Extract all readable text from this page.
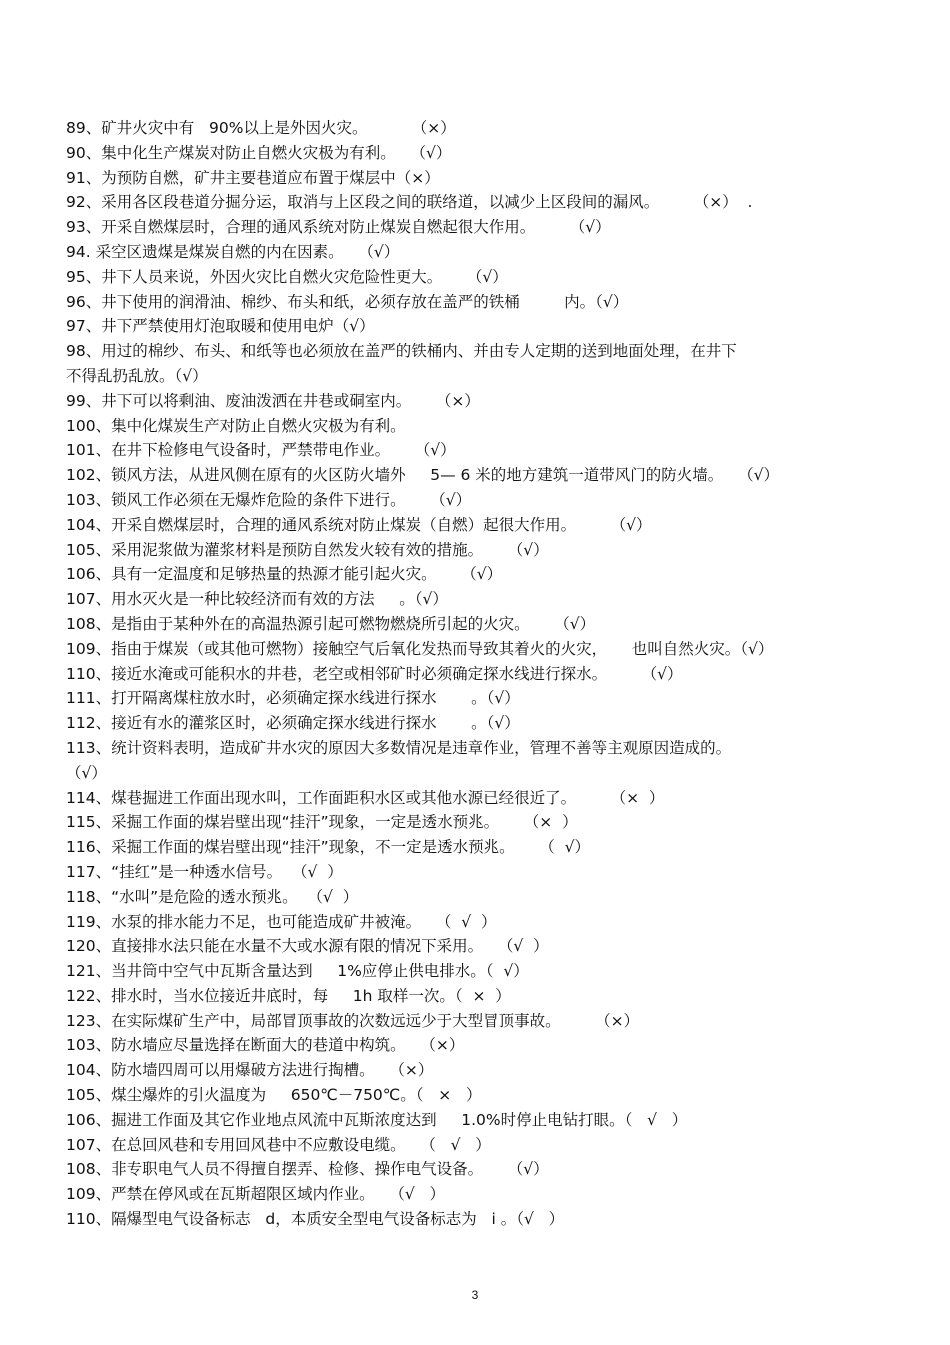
89、矿井火灾中有   90%以上是外因火灾。         （×）
90、集中化生产煤炭对防止自燃火灾极为有利。   （√）
91、为预防自燃，矿井主要巷道应布置于煤层中（×）
92、采用各区段巷道分掘分运，取消与上区段之间的联络道，以减少上区段间的漏风。       （×）  .
93、开采自燃煤层时，合理的通风系统对防止煤炭自燃起很大作用。       （√）
94. 采空区遗煤是煤炭自燃的内在因素。   （√）
95、井下人员来说，外因火灾比自燃火灾危险性更大。     （√）
96、井下使用的润滑油、棉纱、布头和纸，必须存放在盖严的铁桶         内。（√）
97、井下严禁使用灯泡取暖和使用电炉（√）
98、用过的棉纱、布头、和纸等也必须放在盖严的铁桶内、并由专人定期的送到地面处理，在井下
不得乱扔乱放。（√）
99、井下可以将剩油、废油泼洒在井巷或硐室内。     （×）
100、集中化煤炭生产对防止自燃火灾极为有利。
101、在井下检修电气设备时，严禁带电作业。     （√）
102、锁风方法，从进风侧在原有的火区防火墙外     5— 6 米的地方建筑一道带风门的防火墙。   （√）
103、锁风工作必须在无爆炸危险的条件下进行。     （√）
104、开采自燃煤层时，合理的通风系统对防止煤炭（自燃）起很大作用。       （√）
105、采用泥浆做为灌浆材料是预防自然发火较有效的措施。     （√）
106、具有一定温度和足够热量的热源才能引起火灾。     （√）
107、用水灭火是一种比较经济而有效的方法     。（√）
108、是指由于某种外在的高温热源引起可燃物燃烧所引起的火灾。     （√）
109、指由于煤炭（或其他可燃物）接触空气后氧化发热而导致其着火的火灾，     也叫自然火灾。（√）
110、接近水淹或可能积水的井巷，老空或相邻矿时必须确定探水线进行探水。       （√）
111、打开隔离煤柱放水时，必须确定探水线进行探水       。（√）
112、接近有水的灌浆区时，必须确定探水线进行探水       。（√）
113、统计资料表明，造成矿井水灾的原因大多数情况是违章作业，管理不善等主观原因造成的。
（√）
114、煤巷掘进工作面出现水叫，工作面距积水区或其他水源已经很近了。       （×  ）
115、采掘工作面的煤岩壁出现“挂汗”现象，一定是透水预兆。     （×  ）
116、采掘工作面的煤岩壁出现“挂汗”现象，不一定是透水预兆。     （  √）
117、“挂红”是一种透水信号。  （√  ）
118、“水叫”是危险的透水预兆。  （√  ）
119、水泵的排水能力不足，也可能造成矿井被淹。   （  √  ）
120、直接排水法只能在水量不大或水源有限的情况下采用。   （√  ）
121、当井筒中空气中瓦斯含量达到     1%应停止供电排水。（  √）
122、排水时，当水位接近井底时，每     1h 取样一次。（  ×  ）
123、在实际煤矿生产中，局部冒顶事故的次数远远少于大型冒顶事故。       （×）
103、防水墙应尽量选择在断面大的巷道中构筑。   （×）
104、防水墙四周可以用爆破方法进行掏槽。   （×）
105、煤尘爆炸的引火温度为     650℃－750℃。（   ×   ）
106、掘进工作面及其它作业地点风流中瓦斯浓度达到     1.0%时停止电钻打眼。（   √   ）
107、在总回风巷和专用回风巷中不应敷设电缆。   （   √   ）
108、非专职电气人员不得擅自摆弄、检修、操作电气设备。     （√）
109、严禁在停风或在瓦斯超限区域内作业。   （√   ）
110、隔爆型电气设备标志   d，本质安全型电气设备标志为   i 。（√   ）
3
